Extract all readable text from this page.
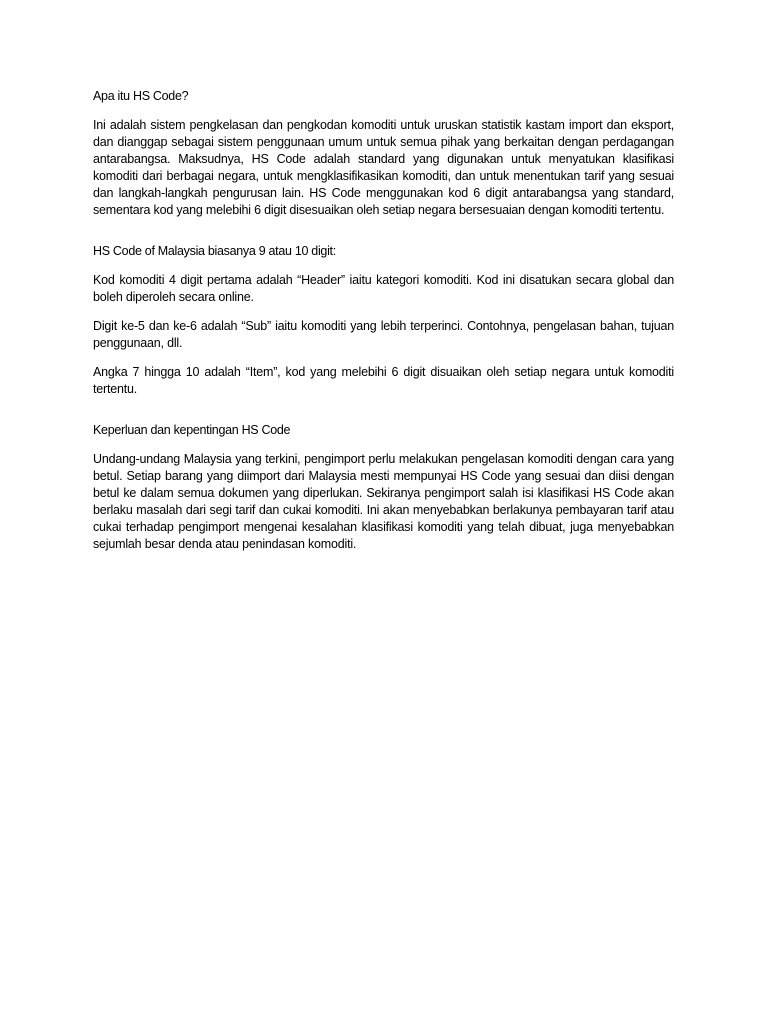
Apa itu HS Code?

Ini adalah sistem pengkelasan dan pengkodan komoditi untuk uruskan statistik kastam import dan eksport, dan dianggap sebagai sistem penggunaan umum untuk semua pihak yang berkaitan dengan perdagangan antarabangsa. Maksudnya, HS Code adalah standard yang digunakan untuk menyatukan klasifikasi komoditi dari berbagai negara, untuk mengklasifikasikan komoditi, dan untuk menentukan tarif yang sesuai dan langkah-langkah pengurusan lain. HS Code menggunakan kod 6 digit antarabangsa yang standard, sementara kod yang melebihi 6 digit disesuaikan oleh setiap negara bersesuaian dengan komoditi tertentu.

HS Code of Malaysia biasanya 9 atau 10 digit:

Kod komoditi 4 digit pertama adalah “Header” iaitu kategori komoditi. Kod ini disatukan secara global dan boleh diperoleh secara online.

Digit ke-5 dan ke-6 adalah “Sub” iaitu komoditi yang lebih terperinci. Contohnya, pengelasan bahan, tujuan penggunaan, dll.

Angka 7 hingga 10 adalah “Item”, kod yang melebihi 6 digit disuaikan oleh setiap negara untuk komoditi tertentu.

Keperluan dan kepentingan HS Code

Undang-undang Malaysia yang terkini, pengimport perlu melakukan pengelasan komoditi dengan cara yang betul. Setiap barang yang diimport dari Malaysia mesti mempunyai HS Code yang sesuai dan diisi dengan betul ke dalam semua dokumen yang diperlukan. Sekiranya pengimport salah isi klasifikasi HS Code akan berlaku masalah dari segi tarif dan cukai komoditi. Ini akan menyebabkan berlakunya pembayaran tarif atau cukai terhadap pengimport mengenai kesalahan klasifikasi komoditi yang telah dibuat, juga menyebabkan sejumlah besar denda atau penindasan komoditi.
